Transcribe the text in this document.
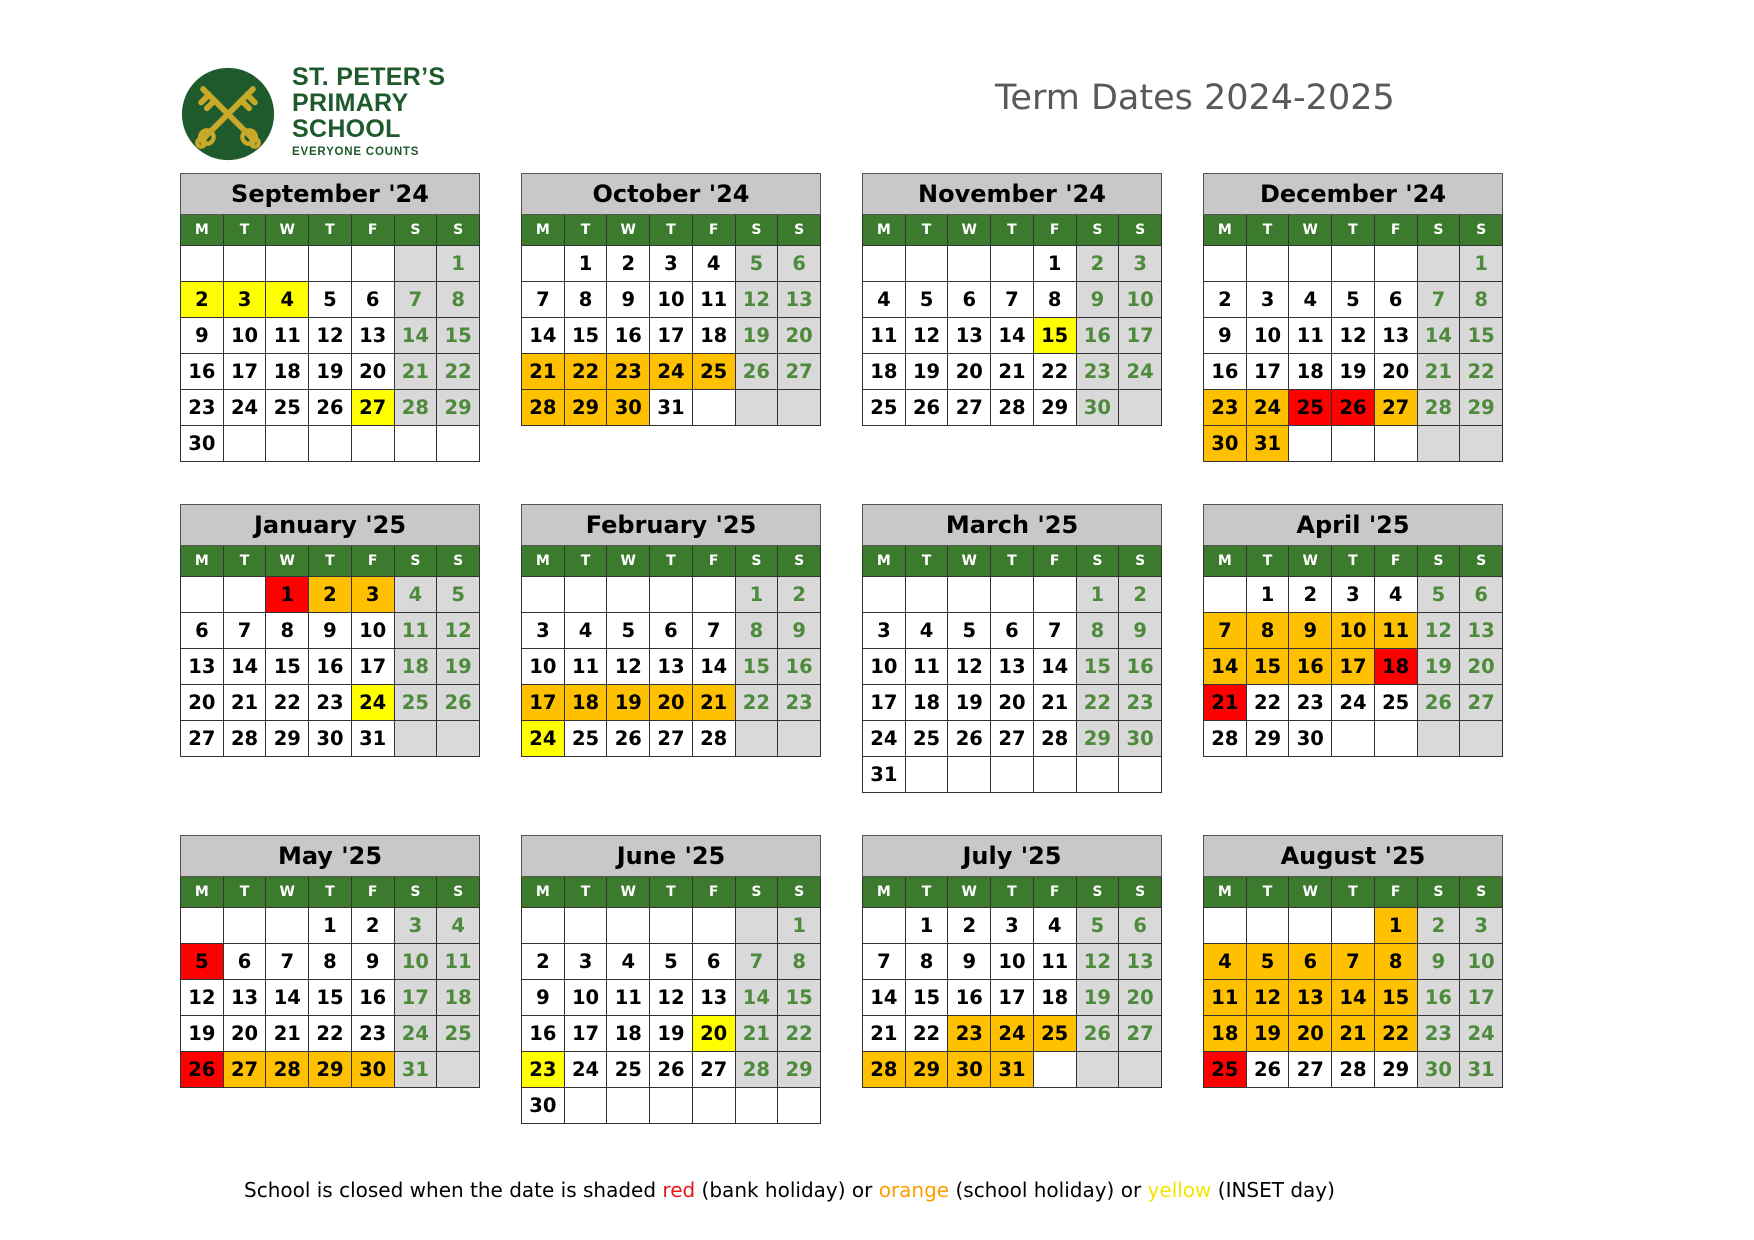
ST. PETER’S
PRIMARY
SCHOOL
EVERYONE COUNTS
Term Dates 2024-2025
September '24						
M	T	W	T	F	S	S
						1
2	3	4	5	6	7	8
9	10	11	12	13	14	15
16	17	18	19	20	21	22
23	24	25	26	27	28	29
30						
October '24						
M	T	W	T	F	S	S
	1	2	3	4	5	6
7	8	9	10	11	12	13
14	15	16	17	18	19	20
21	22	23	24	25	26	27
28	29	30	31			
November '24						
M	T	W	T	F	S	S
				1	2	3
4	5	6	7	8	9	10
11	12	13	14	15	16	17
18	19	20	21	22	23	24
25	26	27	28	29	30	
December '24						
M	T	W	T	F	S	S
						1
2	3	4	5	6	7	8
9	10	11	12	13	14	15
16	17	18	19	20	21	22
23	24	25	26	27	28	29
30	31					
January '25						
M	T	W	T	F	S	S
		1	2	3	4	5
6	7	8	9	10	11	12
13	14	15	16	17	18	19
20	21	22	23	24	25	26
27	28	29	30	31		
February '25						
M	T	W	T	F	S	S
					1	2
3	4	5	6	7	8	9
10	11	12	13	14	15	16
17	18	19	20	21	22	23
24	25	26	27	28		
March '25						
M	T	W	T	F	S	S
					1	2
3	4	5	6	7	8	9
10	11	12	13	14	15	16
17	18	19	20	21	22	23
24	25	26	27	28	29	30
31						
April '25						
M	T	W	T	F	S	S
	1	2	3	4	5	6
7	8	9	10	11	12	13
14	15	16	17	18	19	20
21	22	23	24	25	26	27
28	29	30				
May '25						
M	T	W	T	F	S	S
			1	2	3	4
5	6	7	8	9	10	11
12	13	14	15	16	17	18
19	20	21	22	23	24	25
26	27	28	29	30	31	
June '25						
M	T	W	T	F	S	S
						1
2	3	4	5	6	7	8
9	10	11	12	13	14	15
16	17	18	19	20	21	22
23	24	25	26	27	28	29
30						
July '25						
M	T	W	T	F	S	S
	1	2	3	4	5	6
7	8	9	10	11	12	13
14	15	16	17	18	19	20
21	22	23	24	25	26	27
28	29	30	31			
August '25						
M	T	W	T	F	S	S
				1	2	3
4	5	6	7	8	9	10
11	12	13	14	15	16	17
18	19	20	21	22	23	24
25	26	27	28	29	30	31
School is closed when the date is shaded red (bank holiday) or orange (school holiday) or yellow (INSET day)
